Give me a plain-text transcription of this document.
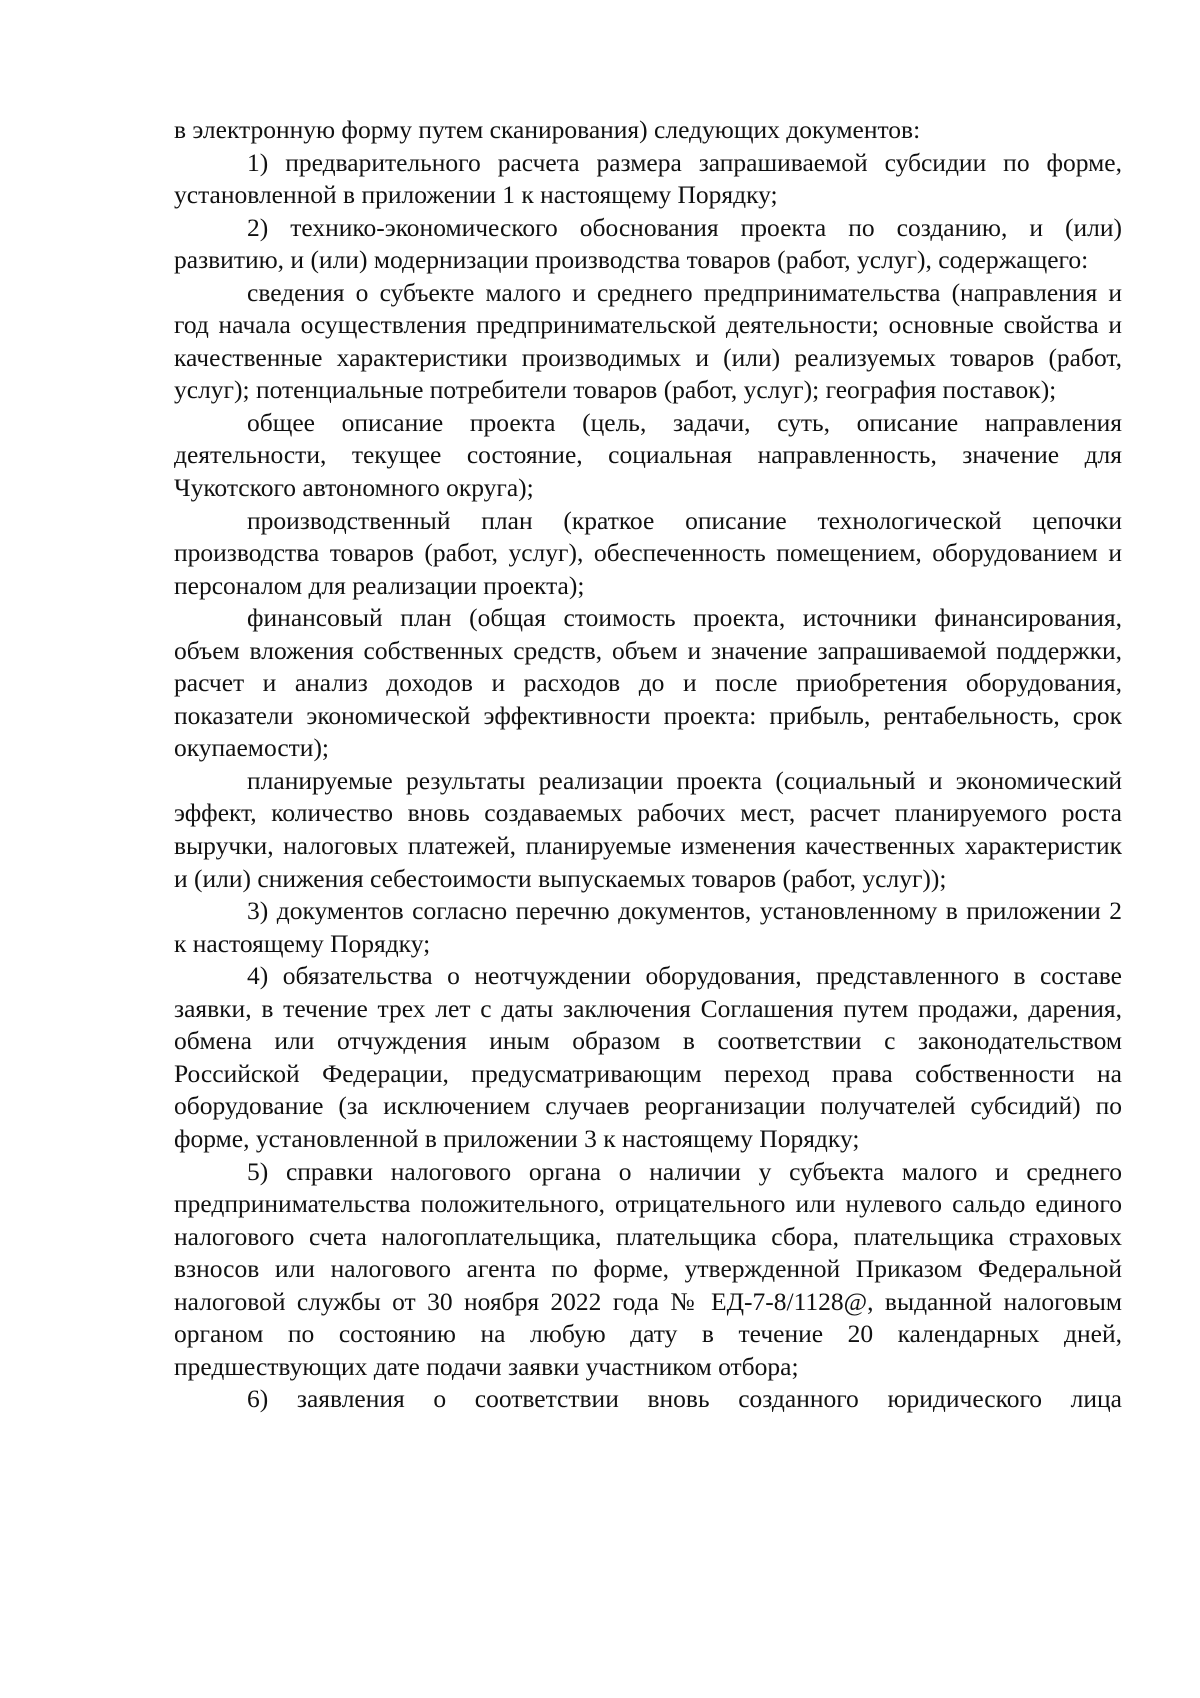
в электронную форму путем сканирования) следующих документов:

1) предварительного расчета размера запрашиваемой субсидии по форме, установленной в приложении 1 к настоящему Порядку;

2) технико-экономического обоснования проекта по созданию, и (или) развитию, и (или) модернизации производства товаров (работ, услуг), содержащего:

сведения о субъекте малого и среднего предпринимательства (направления и год начала осуществления предпринимательской деятельности; основные свойства и качественные характеристики производимых и (или) реализуемых товаров (работ, услуг); потенциальные потребители товаров (работ, услуг); география поставок);

общее описание проекта (цель, задачи, суть, описание направления деятельности, текущее состояние, социальная направленность, значение для Чукотского автономного округа);

производственный план (краткое описание технологической цепочки производства товаров (работ, услуг), обеспеченность помещением, оборудованием и персоналом для реализации проекта);

финансовый план (общая стоимость проекта, источники финансирования, объем вложения собственных средств, объем и значение запрашиваемой поддержки, расчет и анализ доходов и расходов до и после приобретения оборудования, показатели экономической эффективности проекта: прибыль, рентабельность, срок окупаемости);

планируемые результаты реализации проекта (социальный и экономический эффект, количество вновь создаваемых рабочих мест, расчет планируемого роста выручки, налоговых платежей, планируемые изменения качественных характеристик и (или) снижения себестоимости выпускаемых товаров (работ, услуг));

3) документов согласно перечню документов, установленному в приложении 2 к настоящему Порядку;

4) обязательства о неотчуждении оборудования, представленного в составе заявки, в течение трех лет с даты заключения Соглашения путем продажи, дарения, обмена или отчуждения иным образом в соответствии с законодательством Российской Федерации, предусматривающим переход права собственности на оборудование (за исключением случаев реорганизации получателей субсидий) по форме, установленной в приложении 3 к настоящему Порядку;

5) справки налогового органа о наличии у субъекта малого и среднего предпринимательства положительного, отрицательного или нулевого сальдо единого налогового счета налогоплательщика, плательщика сбора, плательщика страховых взносов или налогового агента по форме, утвержденной Приказом Федеральной налоговой службы от 30 ноября 2022 года № ЕД-7-8/1128@, выданной налоговым органом по состоянию на любую дату в течение 20 календарных дней, предшествующих дате подачи заявки участником отбора;

6) заявления о соответствии вновь созданного юридического лица
